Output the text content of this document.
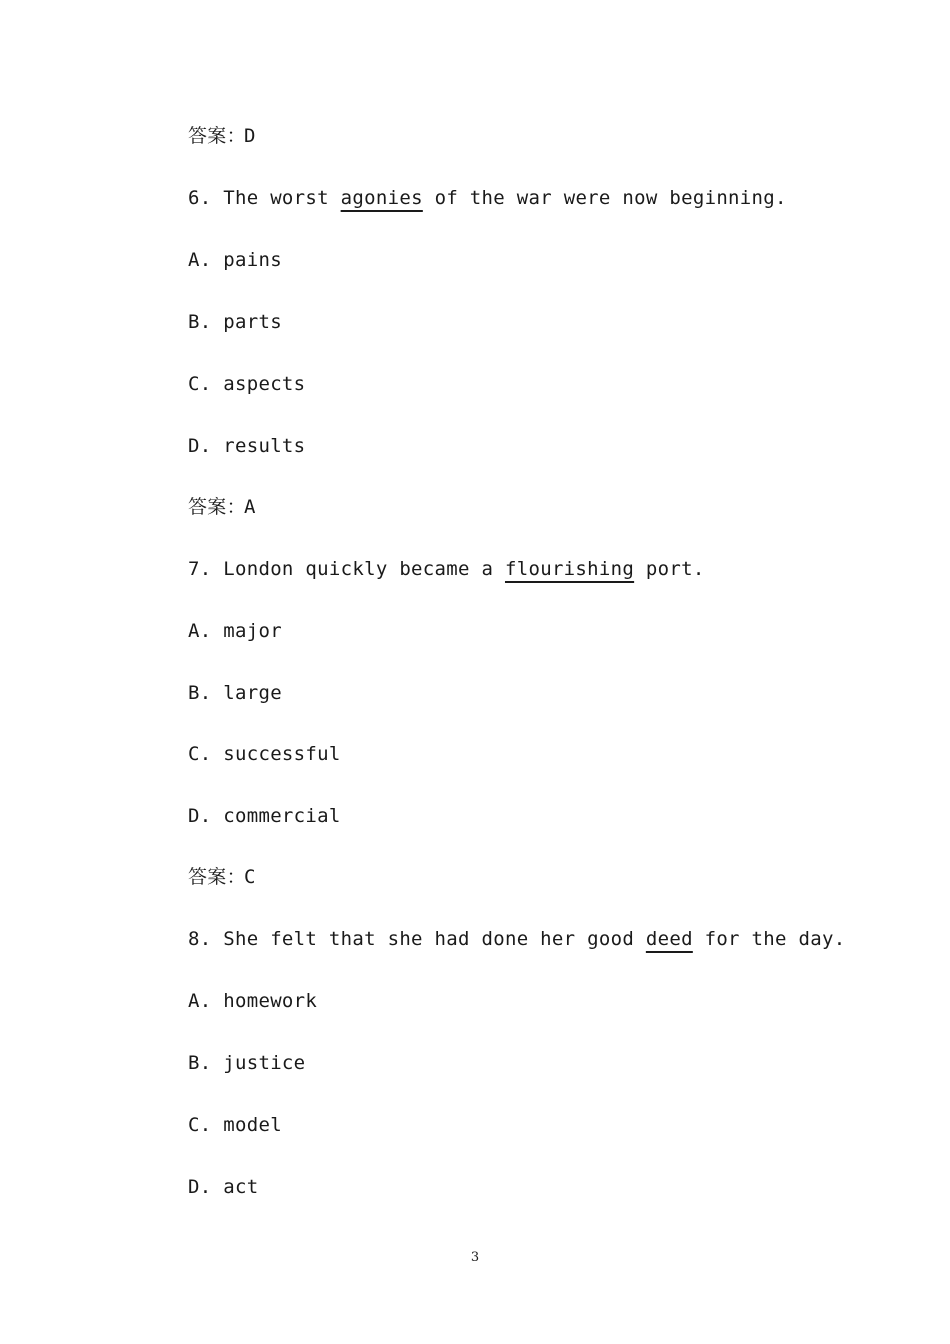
答案：D
6. The worst agonies of the war were now beginning.
A. pains
B. parts
C. aspects
D. results
答案：A
7. London quickly became a flourishing port.
A. major
B. large
C. successful
D. commercial
答案：C
8. She felt that she had done her good deed for the day.
A. homework
B. justice
C. model
D. act
3
